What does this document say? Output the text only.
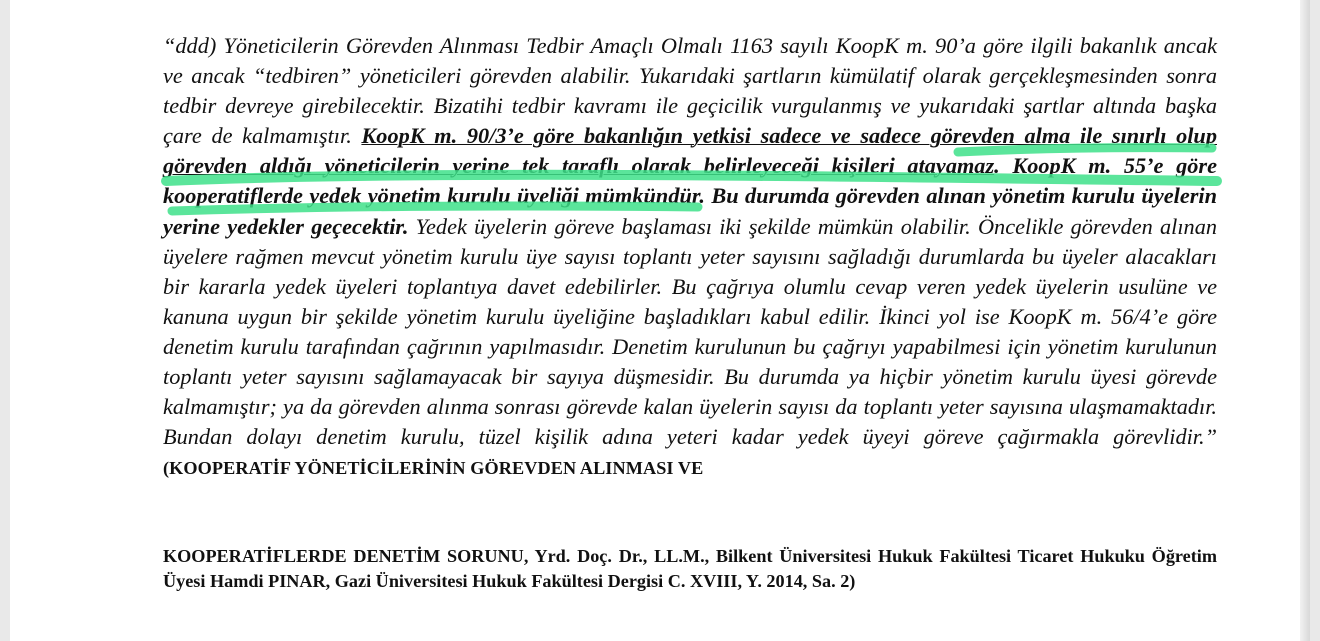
“ddd) Yöneticilerin Görevden Alınması Tedbir Amaçlı Olmalı 1163 sayılı KoopK m. 90’a göre ilgili bakanlık ancak ve ancak “tedbiren” yöneticileri görevden alabilir. Yukarıdaki şartların kümülatif olarak gerçekleşmesinden sonra tedbir devreye girebilecektir. Bizatihi tedbir kavramı ile geçicilik vurgulanmış ve yukarıdaki şartlar altında başka çare de kalmamıştır. KoopK m. 90/3’e göre bakanlığın yetkisi sadece ve sadece görevden alma ile sınırlı olup görevden aldığı yöneticilerin yerine tek taraflı olarak belirleyeceği kişileri atayamaz. KoopK m. 55’e göre kooperatiflerde yedek yönetim kurulu üyeliği mümkündür. Bu durumda görevden alınan yönetim kurulu üyelerin yerine yedekler geçecektir. Yedek üyelerin göreve başlaması iki şekilde mümkün olabilir. Öncelikle görevden alınan üyelere rağmen mevcut yönetim kurulu üye sayısı toplantı yeter sayısını sağladığı durumlarda bu üyeler alacakları bir kararla yedek üyeleri toplantıya davet edebilirler. Bu çağrıya olumlu cevap veren yedek üyelerin usulüne ve kanuna uygun bir şekilde yönetim kurulu üyeliğine başladıkları kabul edilir. İkinci yol ise KoopK m. 56/4’e göre denetim kurulu tarafından çağrının yapılmasıdır. Denetim kurulunun bu çağrıyı yapabilmesi için yönetim kurulunun toplantı yeter sayısını sağlamayacak bir sayıya düşmesidir. Bu durumda ya hiçbir yönetim kurulu üyesi görevde kalmamıştır; ya da görevden alınma sonrası görevde kalan üyelerin sayısı da toplantı yeter sayısına ulaşmamaktadır. Bundan dolayı denetim kurulu, tüzel kişilik adına yeteri kadar yedek üyeyi göreve çağırmakla görevlidir.” (KOOPERATİF YÖNETİCİLERİNİN GÖREVDEN ALINMASI VE

KOOPERATİFLERDE DENETİM SORUNU, Yrd. Doç. Dr., LL.M., Bilkent Üniversitesi Hukuk Fakültesi Ticaret Hukuku Öğretim Üyesi Hamdi PINAR, Gazi Üniversitesi Hukuk Fakültesi Dergisi C. XVIII, Y. 2014, Sa. 2)
